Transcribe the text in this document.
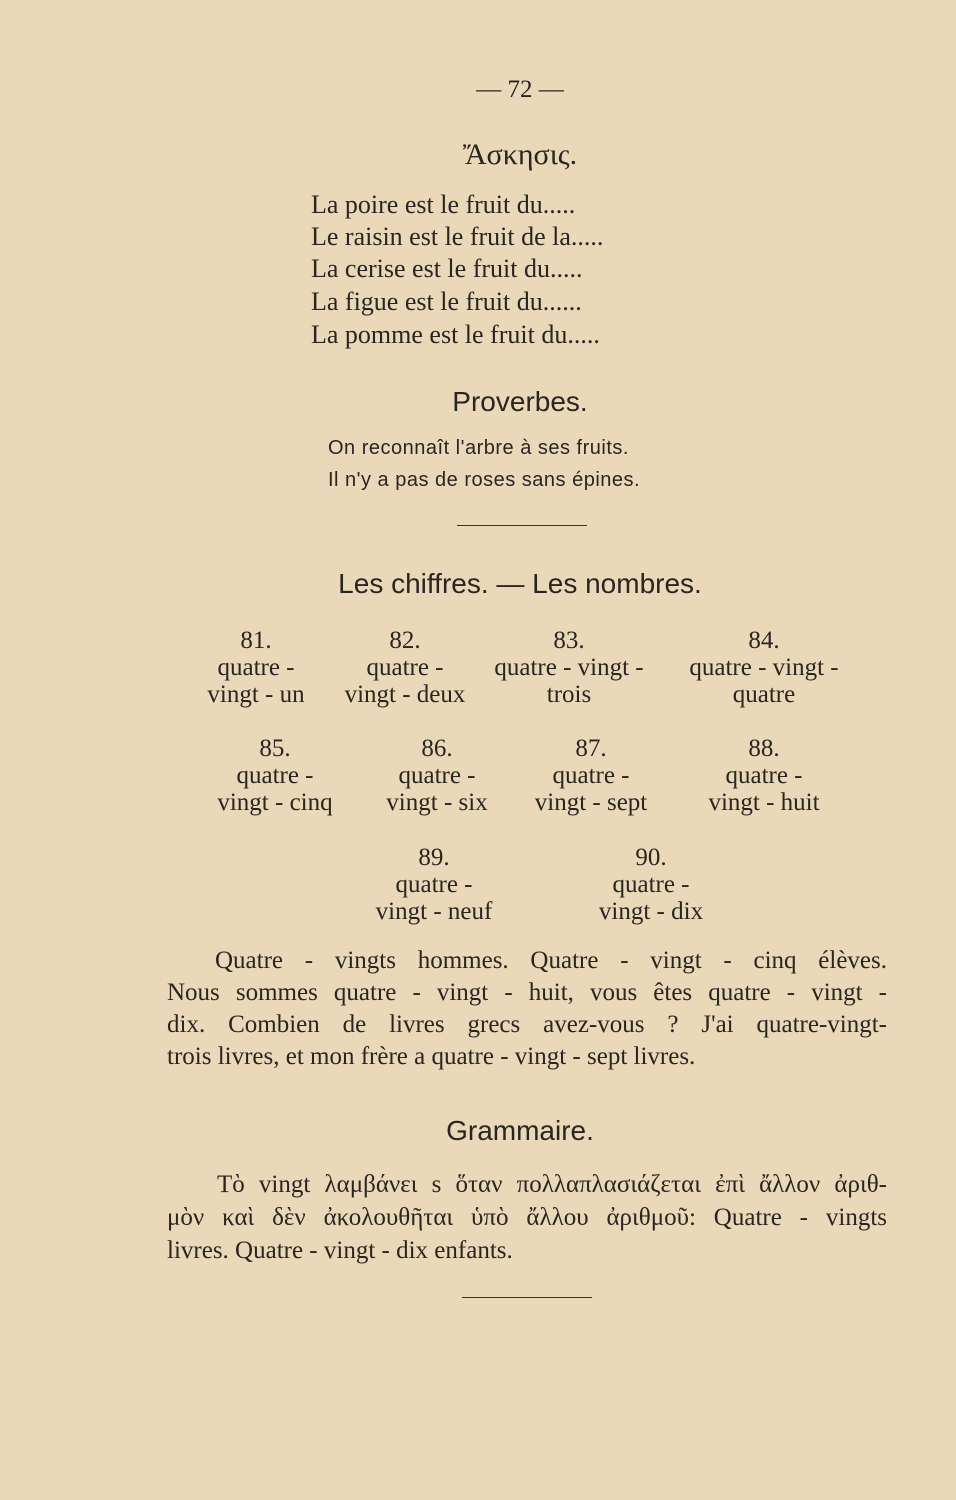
— 72 —
Ἄσκησις.
La poire est le fruit du.....
Le raisin est le fruit de la.....
La cerise est le fruit du.....
La figue est le fruit du......
La pomme est le fruit du.....
Proverbes.
On reconnaît l'arbre à ses fruits.
Il n'y a pas de roses sans épines.
Les chiffres. — Les nombres.
81.
quatre -
vingt - un
82.
quatre -
vingt - deux
83.
quatre - vingt -
trois
84.
quatre - vingt -
quatre
85.
quatre -
vingt - cinq
86.
quatre -
vingt - six
87.
quatre -
vingt - sept
88.
quatre -
vingt - huit
89.
quatre -
vingt - neuf
90.
quatre -
vingt - dix
Quatre - vingts hommes. Quatre - vingt - cinq élèves.
Nous sommes quatre - vingt - huit, vous êtes quatre - vingt -
dix. Combien de livres grecs avez-vous ? J'ai quatre-vingt-
trois livres, et mon frère a quatre - vingt - sept livres.
Grammaire.
Τὸ vingt λαμβάνει s ὅταν πολλαπλασιάζεται ἐπὶ ἄλλον ἀριθ-
μὸν καὶ δὲν ἀκολουθῆται ὑπὸ ἄλλου ἀριθμοῦ: Quatre - vingts
livres. Quatre - vingt - dix enfants.
